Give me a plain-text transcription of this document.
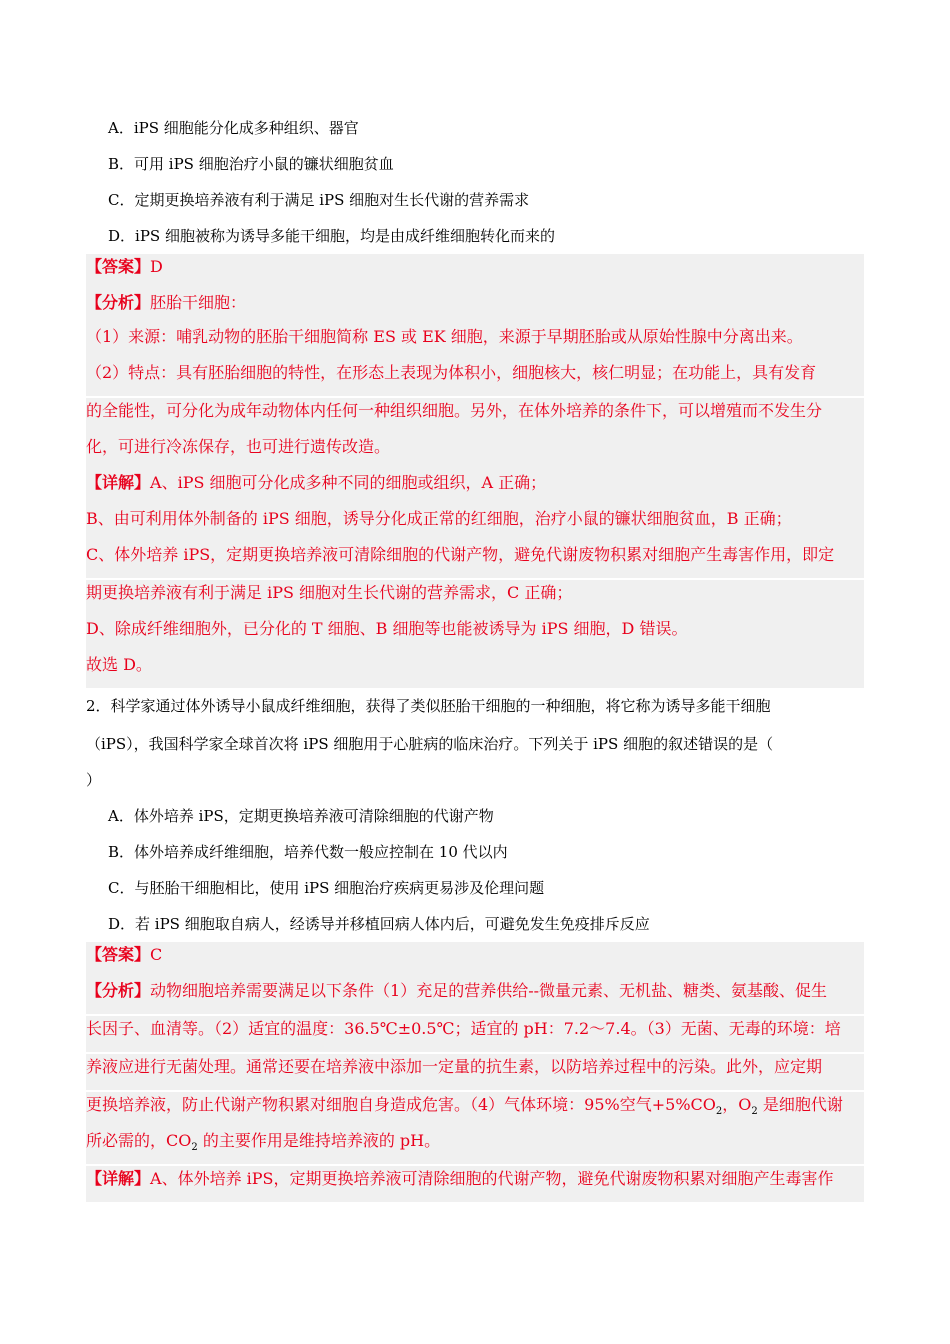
A．iPS 细胞能分化成多种组织、器官
B．可用 iPS 细胞治疗小鼠的镰状细胞贫血
C．定期更换培养液有利于满足 iPS 细胞对生长代谢的营养需求
D．iPS 细胞被称为诱导多能干细胞，均是由成纤维细胞转化而来的
【答案】D
【分析】胚胎干细胞：
（1）来源：哺乳动物的胚胎干细胞简称 ES 或 EK 细胞，来源于早期胚胎或从原始性腺中分离出来。
（2）特点：具有胚胎细胞的特性，在形态上表现为体积小，细胞核大，核仁明显；在功能上，具有发育
的全能性，可分化为成年动物体内任何一种组织细胞。另外，在体外培养的条件下，可以增殖而不发生分
化，可进行冷冻保存，也可进行遗传改造。
【详解】A、iPS 细胞可分化成多种不同的细胞或组织，A 正确；
B、由可利用体外制备的 iPS 细胞，诱导分化成正常的红细胞，治疗小鼠的镰状细胞贫血，B 正确；
C、体外培养 iPS，定期更换培养液可清除细胞的代谢产物，避免代谢废物积累对细胞产生毒害作用，即定
期更换培养液有利于满足 iPS 细胞对生长代谢的营养需求，C 正确；
D、除成纤维细胞外，已分化的 T 细胞、B 细胞等也能被诱导为 iPS 细胞，D 错误。
故选 D。
2．科学家通过体外诱导小鼠成纤维细胞，获得了类似胚胎干细胞的一种细胞，将它称为诱导多能干细胞
（iPS），我国科学家全球首次将 iPS 细胞用于心脏病的临床治疗。下列关于 iPS 细胞的叙述错误的是（
）
A．体外培养 iPS，定期更换培养液可清除细胞的代谢产物
B．体外培养成纤维细胞，培养代数一般应控制在 10 代以内
C．与胚胎干细胞相比，使用 iPS 细胞治疗疾病更易涉及伦理问题
D．若 iPS 细胞取自病人，经诱导并移植回病人体内后，可避免发生免疫排斥反应
【答案】C
【分析】动物细胞培养需要满足以下条件（1）充足的营养供给--微量元素、无机盐、糖类、氨基酸、促生
长因子、血清等。（2）适宜的温度：36.5℃±0.5℃；适宜的 pH：7.2～7.4。（3）无菌、无毒的环境：培
养液应进行无菌处理。通常还要在培养液中添加一定量的抗生素，以防培养过程中的污染。此外，应定期
更换培养液，防止代谢产物积累对细胞自身造成危害。（4）气体环境：95%空气$+5\%CO_2$，$O_2$ 是细胞代谢
所必需的，$CO_2$ 的主要作用是维持培养液的 pH。
【详解】A、体外培养 iPS，定期更换培养液可清除细胞的代谢产物，避免代谢废物积累对细胞产生毒害作
